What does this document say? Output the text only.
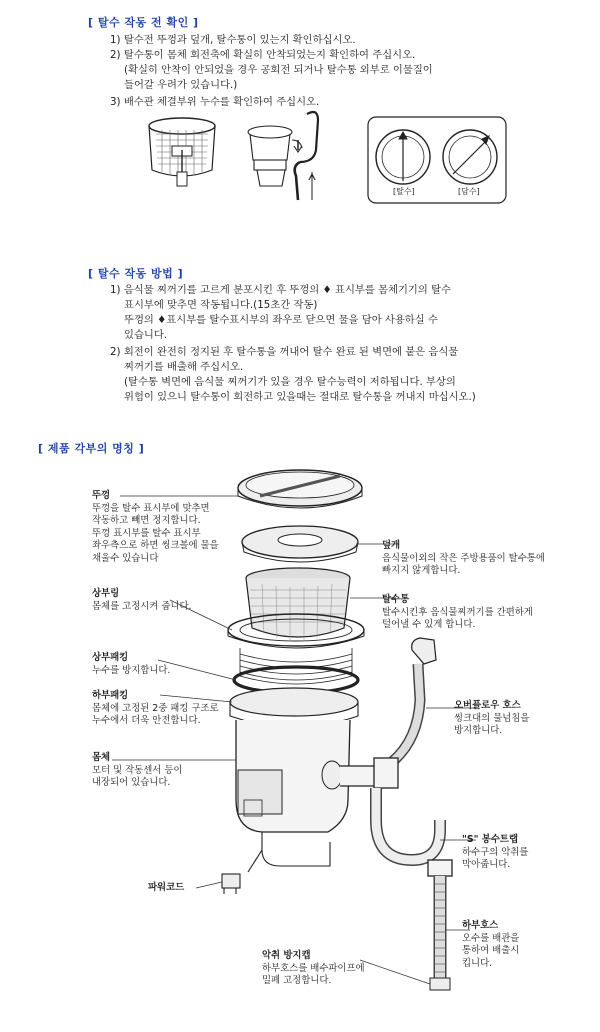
[ 탈수 작동 전 확인 ]
1) 탈수전 뚜껑과 덮개, 탈수통이 있는지 확인하십시오.
2) 탈수통이 몸체 회전축에 확실히 안착되었는지 확인하여 주십시오.
(확실히 안착이 안되었을 경우 공회전 되거나 탈수통 외부로 이물질이
들어갈 우려가 있습니다.)
3) 배수관 체결부위 누수를 확인하여 주십시오.
[탈수]	[담수]
[ 탈수 작동 방법 ]
1) 음식물 찌꺼기를 고르게 분포시킨 후 뚜껑의 ♦ 표시부를 몸체기기의 탈수
표시부에 맞추면 작동됩니다.(15초간 작동)
뚜껑의 ♦표시부를 탈수표시부의 좌우로 닫으면 물을 담아 사용하실 수
있습니다.
2) 회전이 완전히 정지된 후 탈수통을 꺼내어 탈수 완료 된 벽면에 붙은 음식물
찌꺼기를 배출해 주십시오.
(탈수통 벽면에 음식물 찌꺼기가 있을 경우 탈수능력이 저하됩니다. 부상의
위험이 있으니 탈수통이 회전하고 있을때는 절대로 탈수통을 꺼내지 마십시오.)
[ 제품 각부의 명칭 ]
뚜껑
뚜껑을 탈수 표시부에 맞추면
작동하고 빼면 정지합니다.
뚜껑 표시부를 탈수 표시부
좌우측으로 하면 씽크볼에 물을
채울수 있습니다
덮개
음식물이외의 작은 주방용품이 탈수통에
빠지지 않게합니다.
탈수통
탈수시킨후 음식물찌꺼기를 간편하게
털어낼 수 있게 합니다.
상부링
몸체를 고정시켜 줍니다.
상부패킹
누수를 방지합니다.
하부패킹
몸체에 고정된 2중 패킹 구조로
누수에서 더욱 안전합니다.
오버플로우 호스
씽크대의 물넘침을
방지합니다.
몸체
모터 및 작동센서 등이
내장되어 있습니다.
"S" 봉수트랩
하수구의 악취를
막아줍니다.
파워코드
하부호스
오수를 배관을
통하여 배출시
킵니다.
악취 방지캡
하부호스를 배수파이프에
밀폐 고정합니다.
